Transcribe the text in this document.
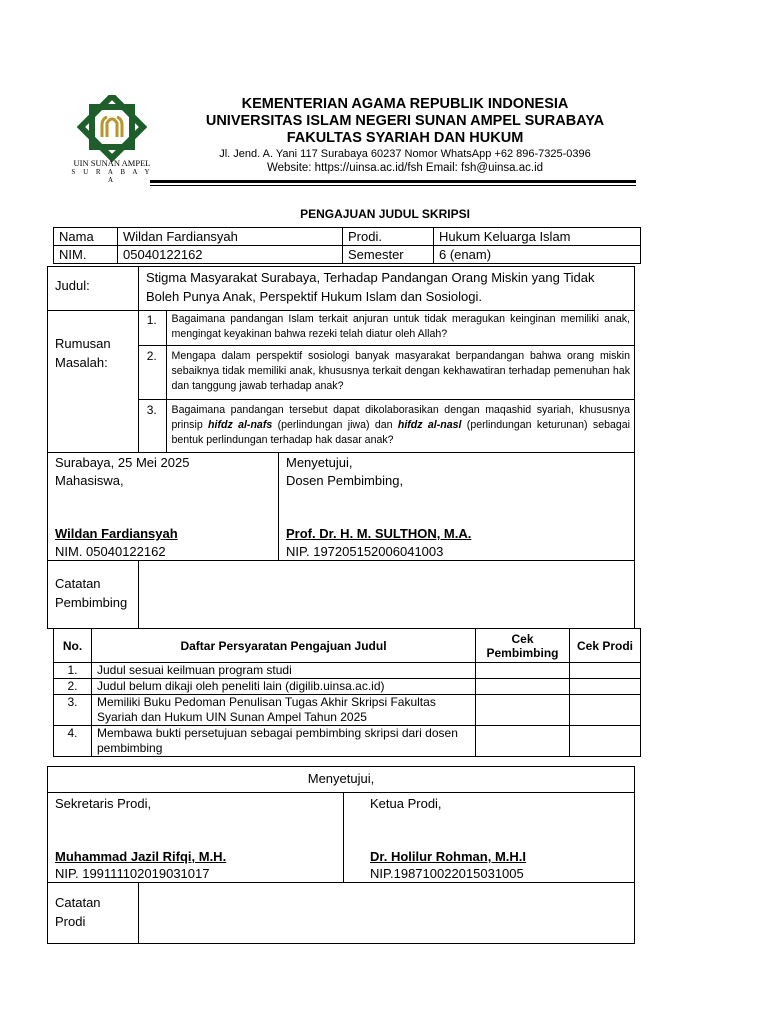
UIN SUNAN AMPEL
S U R A B A Y A
KEMENTERIAN AGAMA REPUBLIK INDONESIA
UNIVERSITAS ISLAM NEGERI SUNAN AMPEL SURABAYA
FAKULTAS SYARIAH DAN HUKUM
Jl. Jend. A. Yani 117 Surabaya 60237 Nomor WhatsApp +62 896-7325-0396
Website: https://uinsa.ac.id/fsh Email: fsh@uinsa.ac.id
PENGAJUAN JUDUL SKRIPSI
Nama	Wildan Fardiansyah	Prodi.	Hukum Keluarga Islam
NIM.	05040122162	Semester	6 (enam)
Judul:
Stigma Masyarakat Surabaya, Terhadap Pandangan Orang Miskin yang Tidak Boleh Punya Anak, Perspektif Hukum Islam dan Sosiologi.
Rumusan
Masalah:
1.	Bagaimana pandangan Islam terkait anjuran untuk tidak meragukan keinginan memiliki anak, mengingat keyakinan bahwa rezeki telah diatur oleh Allah?
2.	Mengapa dalam perspektif sosiologi banyak masyarakat berpandangan bahwa orang miskin sebaiknya tidak memiliki anak, khususnya terkait dengan kekhawatiran terhadap pemenuhan hak dan tanggung jawab terhadap anak?
3.	Bagaimana pandangan tersebut dapat dikolaborasikan dengan maqashid syariah, khususnya prinsip hifdz al-nafs (perlindungan jiwa) dan hifdz al-nasl (perlindungan keturunan) sebagai bentuk perlindungan terhadap hak dasar anak?
Surabaya, 25 Mei 2025
Mahasiswa,
Wildan Fardiansyah
NIM. 05040122162
Menyetujui,
Dosen Pembimbing,
Prof. Dr. H. M. SULTHON, M.A.
NIP. 197205152006041003
Catatan
Pembimbing
No.	Daftar Persyaratan Pengajuan Judul	Cek Pembimbing	Cek Prodi
1.	Judul sesuai keilmuan program studi		
2.	Judul belum dikaji oleh peneliti lain (digilib.uinsa.ac.id)		
3.	Memiliki Buku Pedoman Penulisan Tugas Akhir Skripsi Fakultas Syariah dan Hukum UIN Sunan Ampel Tahun 2025		
4.	Membawa bukti persetujuan sebagai pembimbing skripsi dari dosen pembimbing		
Menyetujui,
Sekretaris Prodi,
Muhammad Jazil Rifqi, M.H.
NIP. 199111102019031017
Ketua Prodi,
Dr. Holilur Rohman, M.H.I
NIP.198710022015031005
Catatan
Prodi
